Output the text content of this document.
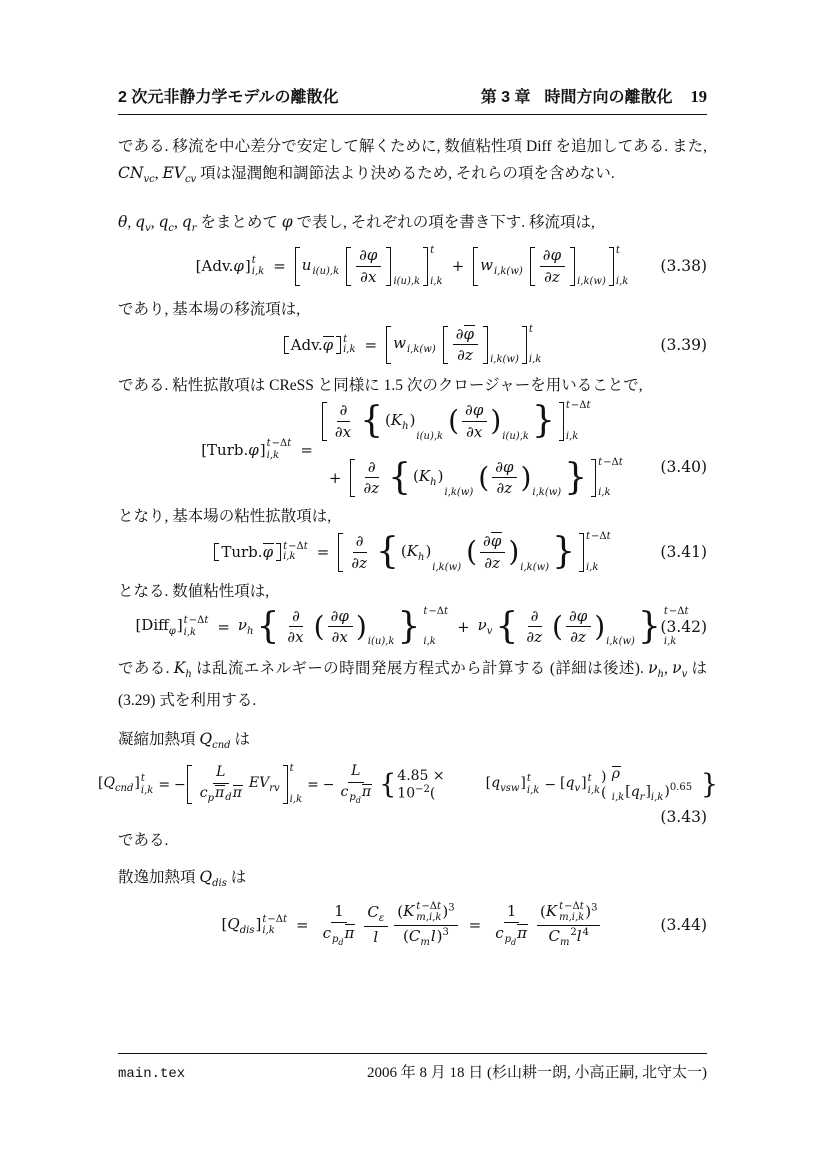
2 次元非静力学モデルの離散化	第 3 章 時間方向の離散化 19

である. 移流を中心差分で安定して解くために, 数値粘性項 Diff を追加してある. また, $CN_{vc}$, $EV_{cv}$ 項は湿潤飽和調節法より決めるため, それらの項を含めない.

θ, $q_v$, $q_c$, $q_r$ をまとめて φ で表し, それぞれの項を書き下す. 移流項は,

[Adv.φ] t
i,k =	$u_{i(u),k}$
∂φ
∂x	i(u),k
t
i,k
+	$w_{i,k(w)}$
∂φ
∂z	i,k(w)
t
i,k
(3.38)

であり, 基本場の移流項は,

Adv.φ t
i,k =	$w_{i,k(w)}$
∂φ
∂z	i,k(w)
t
i,k
(3.39)

である. 粘性拡散項は CReSS と同様に 1.5 次のクロージャーを用いることで,

[Turb.φ] t−Δt
i,k	=
∂
∂x { $(K_h)$
i(u),k ( ∂φ
∂x ) i(u),k } t−Δt
i,k
+
∂
∂z { $(K_h)$
i,k(w) ( ∂φ
∂z ) i,k(w) } t−Δt
i,k
(3.40)

となり, 基本場の粘性拡散項は,

Turb.φ t−Δt
i,k	=
∂
∂z { $(K_h)$
i,k(w) ( ∂φ
∂z ) i,k(w) } t−Δt
i,k
(3.41)

となる. 数値粘性項は,

[Diff$_\varphi$] t−Δt
i,k	= $\nu_h$ { ∂
∂x ( ∂φ
∂x ) i(u),k } t−Δt
i,k
+ $\nu_v$ { ∂
∂z ( ∂φ
∂z ) i,k(w) } t−Δt
i,k
(3.42)

である. $K_h$ は乱流エネルギーの時間発展方程式から計算する (詳細は後述). $\nu_h$, $\nu_v$ は (3.29) 式を利用する.

凝縮加熱項 $Q_{cnd}$ は

$[Q_{cnd}]$ t
i,k = −
L
$c_p\pi_d\pi$
$EV_{rv}$
t
i,k
= −
L
$c_{p_d}\pi$ { $4.85 \times 10^{-2}$(
$[q_{vsw}]$ t
$i,k - [q_v]$ t
i,k
)(
$\rho_{i,k}[q_r]_{i,k})^{0.65}$ }
(3.43)

である.

散逸加熱項 $Q_{dis}$ は

$[Q_{dis}]$ t−Δt
i,k	=
1
$c_{p_d}\pi$
$C_\varepsilon$
l
(K t−Δt
m,i,k )$^3$
$(C_ml)^3$	=
1
$c_{p_d}\pi$
(K t−Δt
m,i,k )$^3$
$C_m^2l^4$	(3.44)
main.tex	2006 年 8 月 18 日 (杉山耕一朗, 小高正嗣, 北守太一)
